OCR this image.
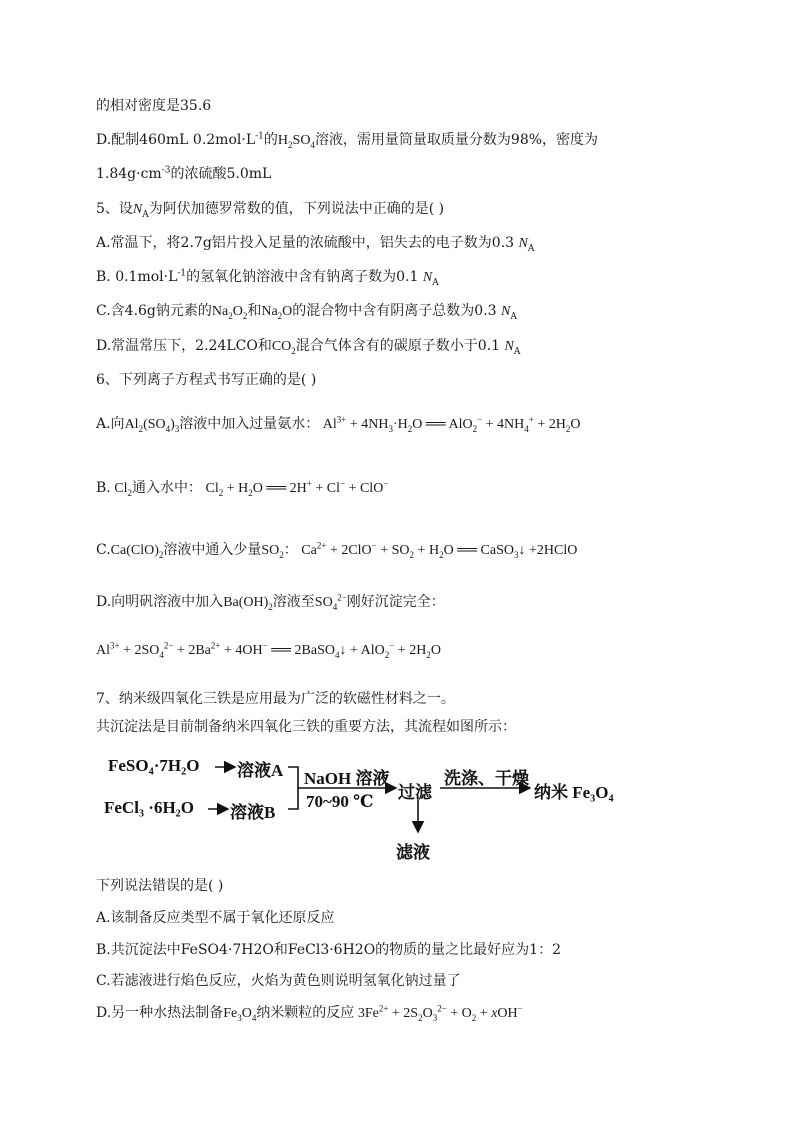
的相对密度是35.6
D.配制460mL $0.2mol\cdot L^{-1}$的$H_2SO_4$溶液，需用量筒量取质量分数为98%，密度为
$1.84g\cdot cm^{-3}$的浓硫酸5.0mL
5、设$N_A$为阿伏加德罗常数的值，下列说法中正确的是( )
A.常温下，将2.7g铝片投入足量的浓硫酸中，铝失去的电子数为0.3 $N_A$
B. $0.1mol\cdot L^{-1}$的氢氧化钠溶液中含有钠离子数为0.1 $N_A$
C.含4.6g钠元素的$Na_2O_2$和$Na_2O$的混合物中含有阴离子总数为0.3 $N_A$
D.常温常压下，2.24LCO和$CO_2$混合气体含有的碳原子数小于0.1 $N_A$
6、下列离子方程式书写正确的是( )
A.向$Al_2(SO_4)_3$溶液中加入过量氨水： $Al^{3+} + 4NH_3\cdot H_2O$ ══ $AlO_2^- + 4NH_4^+ + 2H_2O$
B. $Cl_2$通入水中： $Cl_2 + H_2O$ ══ 2H+ + Cl− + ClO−
$C.Ca(ClO)_2$溶液中通入少量$SO_2$： $Ca^{2+} + 2ClO^- + SO_2 + H_2O$ ══ CaSO$_3$↓ +2HClO
D.向明矾溶液中加入$Ba(OH)_2$溶液至$SO_4^{2-}$刚好沉淀完全：
$Al^{3+} + 2SO_4^{2-} + 2Ba^{2+} + 4OH^-$ ══ 2BaSO$_4$↓ + $AlO_2^- + 2H_2O$
7、纳米级四氧化三铁是应用最为广泛的软磁性材料之一。
共沉淀法是目前制备纳米四氧化三铁的重要方法，其流程如图所示：
FeSO₄·7H₂O 溶液A
FeCl₃ ·6H₂O 溶液B
NaOH 溶液
70~90 ℃ 过滤
洗涤、干燥
纳米 Fe₃O₄
滤液
下列说法错误的是( )
A.该制备反应类型不属于氧化还原反应
B.共沉淀法中FeSO4·7H2O和FeCl3·6H2O的物质的量之比最好应为1：2
C.若滤液进行焰色反应，火焰为黄色则说明氢氧化钠过量了
D.另一种水热法制备$Fe_3O_4$纳米颗粒的反应 $3Fe^{2+} + 2S_2O_3^{2-} + O_2 + xOH^-$
